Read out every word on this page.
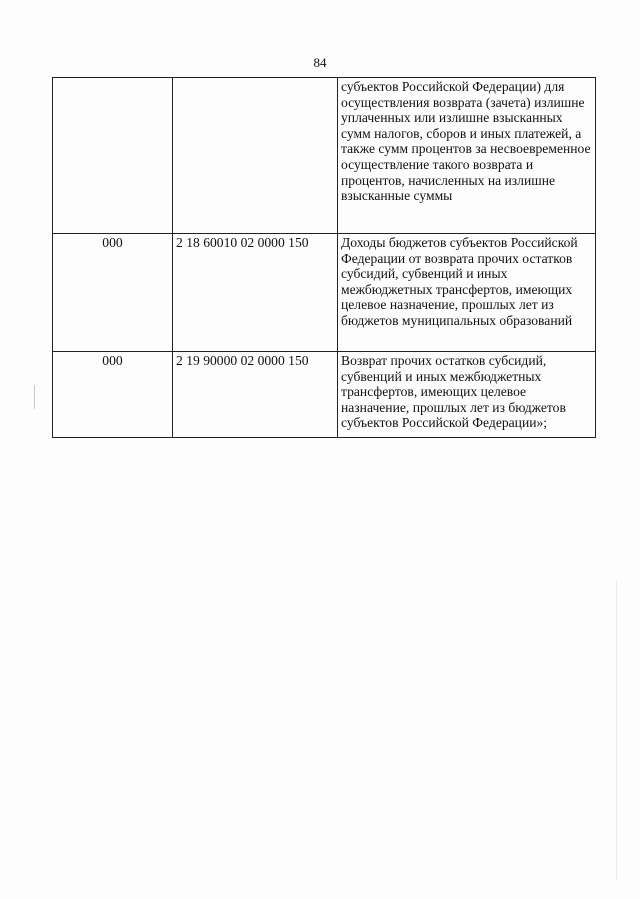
84
		субъектов Российской Федерации) для осуществления возврата (зачета) излишне уплаченных или излишне взысканных сумм налогов, сборов и иных платежей, а также сумм процентов за несвоевременное осуществление такого возврата и процентов, начисленных на излишне взысканные суммы
000	2 18 60010 02 0000 150	Доходы бюджетов субъектов Российской Федерации от возврата прочих остатков субсидий, субвенций и иных межбюджетных трансфертов, имеющих целевое назначение, прошлых лет из бюджетов муниципальных образований
000	2 19 90000 02 0000 150	Возврат прочих остатков субсидий, субвенций и иных межбюджетных трансфертов, имеющих целевое назначение, прошлых лет из бюджетов субъектов Российской Федерации»;
